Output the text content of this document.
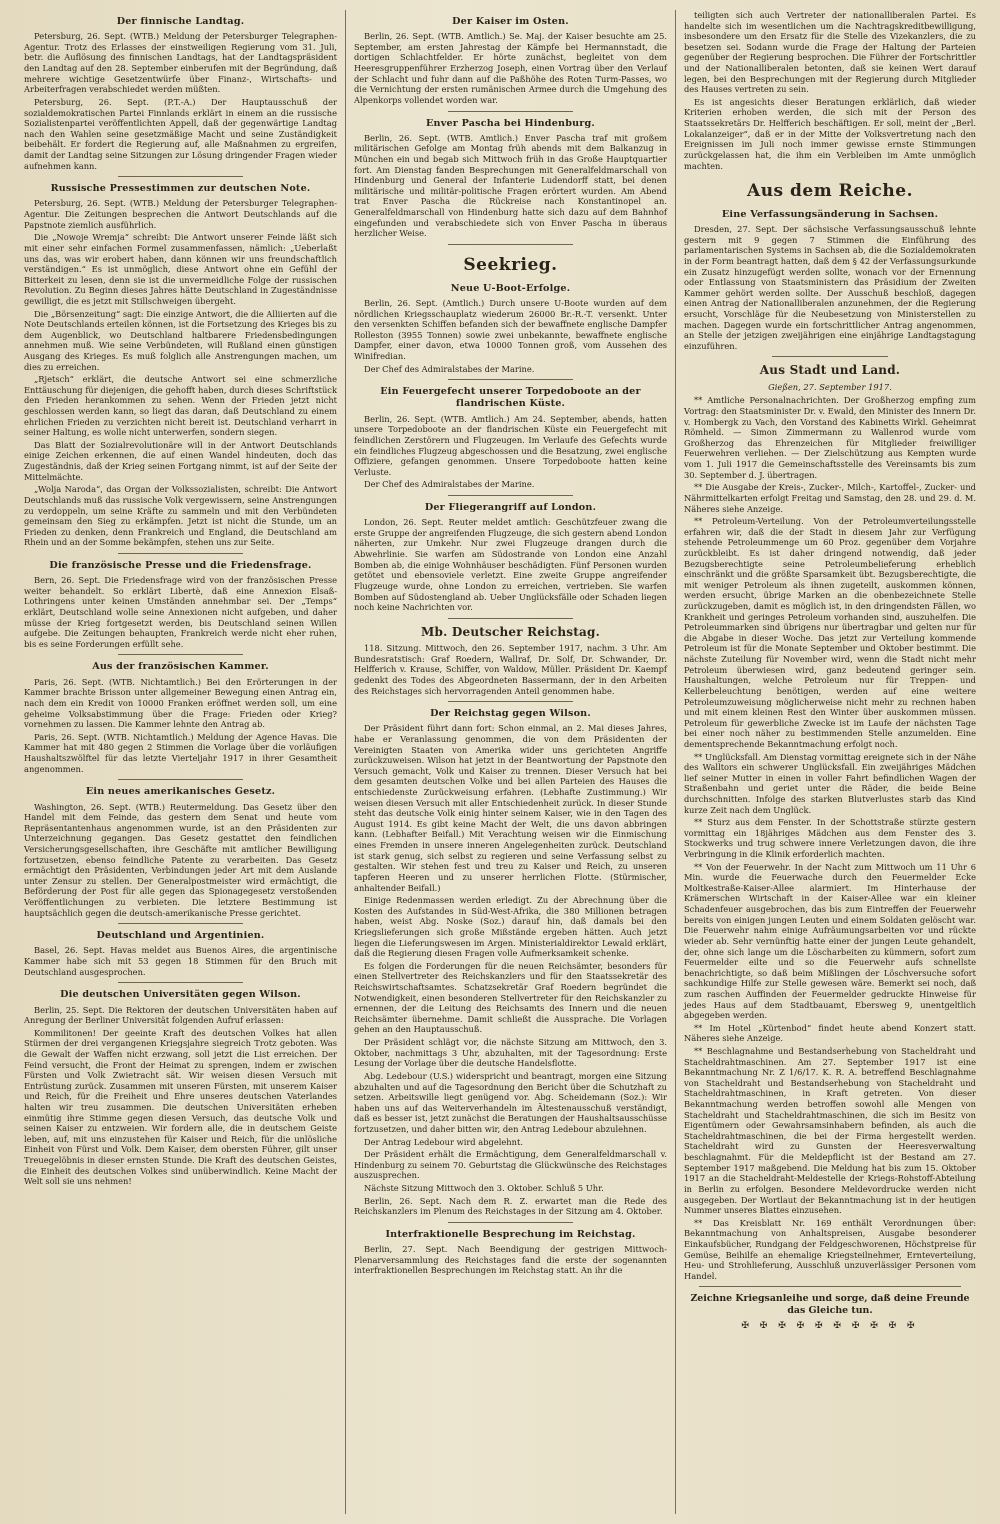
Der finnische Landtag.

Petersburg, 26. Sept. (WTB.) Meldung der Petersburger Telegraphen-Agentur. Trotz des Erlasses der einstweiligen Regierung vom 31. Juli, betr. die Auflösung des finnischen Landtags, hat der Landtagspräsident den Landtag auf den 28. September einberufen mit der Begründung, daß mehrere wichtige Gesetzentwürfe über Finanz-, Wirtschafts- und Arbeiterfragen verabschiedet werden müßten.

Petersburg, 26. Sept. (P.T.-A.) Der Hauptausschuß der sozialdemokratischen Partei Finnlands erklärt in einem an die russische Sozialistenpartei veröffentlichten Appell, daß der gegenwärtige Landtag nach den Wahlen seine gesetzmäßige Macht und seine Zuständigkeit beibehält. Er fordert die Regierung auf, alle Maßnahmen zu ergreifen, damit der Landtag seine Sitzungen zur Lösung dringender Fragen wieder aufnehmen kann.

Russische Pressestimmen zur deutschen Note.

Petersburg, 26. Sept. (WTB.) Meldung der Petersburger Telegraphen-Agentur. Die Zeitungen besprechen die Antwort Deutschlands auf die Papstnote ziemlich ausführlich.

Die „Nowoje Wremja“ schreibt: Die Antwort unserer Feinde läßt sich mit einer sehr einfachen Formel zusammenfassen, nämlich: „Ueberlaßt uns das, was wir erobert haben, dann können wir uns freundschaftlich verständigen.“ Es ist unmöglich, diese Antwort ohne ein Gefühl der Bitterkeit zu lesen, denn sie ist die unvermeidliche Folge der russischen Revolution. Zu Beginn dieses Jahres hätte Deutschland in Zugeständnisse gewilligt, die es jetzt mit Stillschweigen übergeht.

Die „Börsenzeitung“ sagt: Die einzige Antwort, die die Alliierten auf die Note Deutschlands erteilen können, ist die Fortsetzung des Krieges bis zu dem Augenblick, wo Deutschland haltbarere Friedensbedingungen annehmen muß. Wie seine Verbündeten, will Rußland einen günstigen Ausgang des Krieges. Es muß folglich alle Anstrengungen machen, um dies zu erreichen.

„Rjetsch“ erklärt, die deutsche Antwort sei eine schmerzliche Enttäuschung für diejenigen, die gehofft haben, durch dieses Schriftstück den Frieden herankommen zu sehen. Wenn der Frieden jetzt nicht geschlossen werden kann, so liegt das daran, daß Deutschland zu einem ehrlichen Frieden zu verzichten nicht bereit ist. Deutschland verharrt in seiner Haltung, es wolle nicht unterwerfen, sondern siegen.

Das Blatt der Sozialrevolutionäre will in der Antwort Deutschlands einige Zeichen erkennen, die auf einen Wandel hindeuten, doch das Zugeständnis, daß der Krieg seinen Fortgang nimmt, ist auf der Seite der Mittelmächte.

„Wolja Naroda“, das Organ der Volkssozialisten, schreibt: Die Antwort Deutschlands muß das russische Volk vergewissern, seine Anstrengungen zu verdoppeln, um seine Kräfte zu sammeln und mit den Verbündeten gemeinsam den Sieg zu erkämpfen. Jetzt ist nicht die Stunde, um an Frieden zu denken, denn Frankreich und England, die Deutschland am Rhein und an der Somme bekämpfen, stehen uns zur Seite.

Die französische Presse und die Friedensfrage.

Bern, 26. Sept. Die Friedensfrage wird von der französischen Presse weiter behandelt. So erklärt Libertè, daß eine Annexion Elsaß-Lothringens unter keinen Umständen annehmbar sei. Der „Temps“ erklärt, Deutschland wolle seine Annexionen nicht aufgeben, und daher müsse der Krieg fortgesetzt werden, bis Deutschland seinen Willen aufgebe. Die Zeitungen behaupten, Frankreich werde nicht eher ruhen, bis es seine Forderungen erfüllt sehe.

Aus der französischen Kammer.

Paris, 26. Sept. (WTB. Nichtamtlich.) Bei den Erörterungen in der Kammer brachte Brisson unter allgemeiner Bewegung einen Antrag ein, nach dem ein Kredit von 10000 Franken eröffnet werden soll, um eine geheime Volksabstimmung über die Frage: Frieden oder Krieg? vornehmen zu lassen. Die Kammer lehnte den Antrag ab.

Paris, 26. Sept. (WTB. Nichtamtlich.) Meldung der Agence Havas. Die Kammer hat mit 480 gegen 2 Stimmen die Vorlage über die vorläufigen Haushaltszwölftel für das letzte Vierteljahr 1917 in ihrer Gesamtheit angenommen.

Ein neues amerikanisches Gesetz.

Washington, 26. Sept. (WTB.) Reutermeldung. Das Gesetz über den Handel mit dem Feinde, das gestern dem Senat und heute vom Repräsentantenhaus angenommen wurde, ist an den Präsidenten zur Unterzeichnung gegangen. Das Gesetz gestattet den feindlichen Versicherungsgesellschaften, ihre Geschäfte mit amtlicher Bewilligung fortzusetzen, ebenso feindliche Patente zu verarbeiten. Das Gesetz ermächtigt den Präsidenten, Verbindungen jeder Art mit dem Auslande unter Zensur zu stellen. Der Generalpostmeister wird ermächtigt, die Beförderung der Post für alle gegen das Spionagegesetz verstoßenden Veröffentlichungen zu verbieten. Die letztere Bestimmung ist hauptsächlich gegen die deutsch-amerikanische Presse gerichtet.

Deutschland und Argentinien.

Basel, 26. Sept. Havas meldet aus Buenos Aires, die argentinische Kammer habe sich mit 53 gegen 18 Stimmen für den Bruch mit Deutschland ausgesprochen.

Die deutschen Universitäten gegen Wilson.

Berlin, 25. Sept. Die Rektoren der deutschen Universitäten haben auf Anregung der Berliner Universität folgenden Aufruf erlassen:

Kommilitonen! Der geeinte Kraft des deutschen Volkes hat allen Stürmen der drei vergangenen Kriegsjahre siegreich Trotz geboten. Was die Gewalt der Waffen nicht erzwang, soll jetzt die List erreichen. Der Feind versucht, die Front der Heimat zu sprengen, indem er zwischen Fürsten und Volk Zwietracht sät. Wir weisen diesen Versuch mit Entrüstung zurück. Zusammen mit unseren Fürsten, mit unserem Kaiser und Reich, für die Freiheit und Ehre unseres deutschen Vaterlandes halten wir treu zusammen. Die deutschen Universitäten erheben einmütig ihre Stimme gegen diesen Versuch, das deutsche Volk und seinen Kaiser zu entzweien. Wir fordern alle, die in deutschem Geiste leben, auf, mit uns einzustehen für Kaiser und Reich, für die unlösliche Einheit von Fürst und Volk. Dem Kaiser, dem obersten Führer, gilt unser Treuegelöbnis in dieser ernsten Stunde. Die Kraft des deutschen Geistes, die Einheit des deutschen Volkes sind unüberwindlich. Keine Macht der Welt soll sie uns nehmen!

Der Kaiser im Osten.

Berlin, 26. Sept. (WTB. Amtlich.) Se. Maj. der Kaiser besuchte am 25. September, am ersten Jahrestag der Kämpfe bei Hermannstadt, die dortigen Schlachtfelder. Er hörte zunächst, begleitet von dem Heeresgruppenführer Erzherzog Joseph, einen Vortrag über den Verlauf der Schlacht und fuhr dann auf die Paßhöhe des Roten Turm-Passes, wo die Vernichtung der ersten rumänischen Armee durch die Umgehung des Alpenkorps vollendet worden war.

Enver Pascha bei Hindenburg.

Berlin, 26. Sept. (WTB. Amtlich.) Enver Pascha traf mit großem militärischen Gefolge am Montag früh abends mit dem Balkanzug in München ein und begab sich Mittwoch früh in das Große Hauptquartier fort. Am Dienstag fanden Besprechungen mit Generalfeldmarschall von Hindenburg und General der Infanterie Ludendorff statt, bei denen militärische und militär-politische Fragen erörtert wurden. Am Abend trat Enver Pascha die Rückreise nach Konstantinopel an. Generalfeldmarschall von Hindenburg hatte sich dazu auf dem Bahnhof eingefunden und verabschiedete sich von Enver Pascha in überaus herzlicher Weise.

Seekrieg.
Neue U-Boot-Erfolge.

Berlin, 26. Sept. (Amtlich.) Durch unsere U-Boote wurden auf dem nördlichen Kriegsschauplatz wiederum 26000 Br.-R.-T. versenkt. Unter den versenkten Schiffen befanden sich der bewaffnete englische Dampfer Rolleston (3955 Tonnen) sowie zwei unbekannte, bewaffnete englische Dampfer, einer davon, etwa 10000 Tonnen groß, vom Aussehen des Winifredian.

Der Chef des Admiralstabes der Marine.

Ein Feuergefecht unserer Torpedoboote an der flandrischen Küste.

Berlin, 26. Sept. (WTB. Amtlich.) Am 24. September, abends, hatten unsere Torpedoboote an der flandrischen Küste ein Feuergefecht mit feindlichen Zerstörern und Flugzeugen. Im Verlaufe des Gefechts wurde ein feindliches Flugzeug abgeschossen und die Besatzung, zwei englische Offiziere, gefangen genommen. Unsere Torpedoboote hatten keine Verluste.

Der Chef des Admiralstabes der Marine.

Der Fliegerangriff auf London.

London, 26. Sept. Reuter meldet amtlich: Geschützfeuer zwang die erste Gruppe der angreifenden Flugzeuge, die sich gestern abend London näherten, zur Umkehr. Nur zwei Flugzeuge drangen durch die Abwehrlinie. Sie warfen am Südostrande von London eine Anzahl Bomben ab, die einige Wohnhäuser beschädigten. Fünf Personen wurden getötet und ebensoviele verletzt. Eine zweite Gruppe angreifender Flugzeuge wurde, ohne London zu erreichen, vertrieben. Sie warfen Bomben auf Südostengland ab. Ueber Unglücksfälle oder Schaden liegen noch keine Nachrichten vor.

Mb. Deutscher Reichstag.

118. Sitzung. Mittwoch, den 26. September 1917, nachm. 3 Uhr. Am Bundesratstisch: Graf Roedern, Wallraf, Dr. Solf, Dr. Schwander, Dr. Helfferich v. Krause, Schiffer, von Waldow, Müller. Präsident Dr. Kaempf gedenkt des Todes des Abgeordneten Bassermann, der in den Arbeiten des Reichstages sich hervorragenden Anteil genommen habe.

Der Reichstag gegen Wilson.

Der Präsident führt dann fort: Schon einmal, an 2. Mai dieses Jahres, habe er Veranlassung genommen, die von dem Präsidenten der Vereinigten Staaten von Amerika wider uns gerichteten Angriffe zurückzuweisen. Wilson hat jetzt in der Beantwortung der Papstnote den Versuch gemacht, Volk und Kaiser zu trennen. Dieser Versuch hat bei dem gesamten deutschen Volke und bei allen Parteien des Hauses die entschiedenste Zurückweisung erfahren. (Lebhafte Zustimmung.) Wir weisen diesen Versuch mit aller Entschiedenheit zurück. In dieser Stunde steht das deutsche Volk einig hinter seinem Kaiser, wie in den Tagen des August 1914. Es gibt keine Macht der Welt, die uns davon abbringen kann. (Lebhafter Beifall.) Mit Verachtung weisen wir die Einmischung eines Fremden in unsere inneren Angelegenheiten zurück. Deutschland ist stark genug, sich selbst zu regieren und seine Verfassung selbst zu gestalten. Wir stehen fest und treu zu Kaiser und Reich, zu unseren tapferen Heeren und zu unserer herrlichen Flotte. (Stürmischer, anhaltender Beifall.)

Einige Redenmassen werden erledigt. Zu der Abrechnung über die Kosten des Aufstandes in Süd-West-Afrika, die 380 Millionen betragen haben, weist Abg. Noske (Soz.) darauf hin, daß damals bei den Kriegslieferungen sich große Mißstände ergeben hätten. Auch jetzt liegen die Lieferungswesen im Argen. Ministerialdirektor Lewald erklärt, daß die Regierung diesen Fragen volle Aufmerksamkeit schenke.

Es folgen die Forderungen für die neuen Reichsämter, besonders für einen Stellvertreter des Reichskanzlers und für den Staatssekretär des Reichswirtschaftsamtes. Schatzsekretär Graf Roedern begründet die Notwendigkeit, einen besonderen Stellvertreter für den Reichskanzler zu ernennen, der die Leitung des Reichsamts des Innern und die neuen Reichsämter übernehme. Damit schließt die Aussprache. Die Vorlagen gehen an den Hauptausschuß.

Der Präsident schlägt vor, die nächste Sitzung am Mittwoch, den 3. Oktober, nachmittags 3 Uhr, abzuhalten, mit der Tagesordnung: Erste Lesung der Vorlage über die deutsche Handelsflotte.

Abg. Ledebour (U.S.) widerspricht und beantragt, morgen eine Sitzung abzuhalten und auf die Tagesordnung den Bericht über die Schutzhaft zu setzen. Arbeitswille liegt genügend vor. Abg. Scheidemann (Soz.): Wir haben uns auf das Weiterverhandeln im Ältestenausschuß verständigt, daß es besser ist, jetzt zunächst die Beratungen der Haushaltsausschüsse fortzusetzen, und daher bitten wir, den Antrag Ledebour abzulehnen.

Der Antrag Ledebour wird abgelehnt.

Der Präsident erhält die Ermächtigung, dem Generalfeldmarschall v. Hindenburg zu seinem 70. Geburtstag die Glückwünsche des Reichstages auszusprechen.

Nächste Sitzung Mittwoch den 3. Oktober. Schluß 5 Uhr.

Berlin, 26. Sept. Nach dem R. Z. erwartet man die Rede des Reichskanzlers im Plenum des Reichstages in der Sitzung am 4. Oktober.

Interfraktionelle Besprechung im Reichstag.

Berlin, 27. Sept. Nach Beendigung der gestrigen Mittwoch-Plenarversammlung des Reichstages fand die erste der sogenannten interfraktionellen Besprechungen im Reichstag statt. An ihr die

teiligten sich auch Vertreter der nationalliberalen Partei. Es handelte sich im wesentlichen um die Nachtragskreditbewilligung, insbesondere um den Ersatz für die Stelle des Vizekanzlers, die zu besetzen sei. Sodann wurde die Frage der Haltung der Parteien gegenüber der Regierung besprochen. Die Führer der Fortschrittler und der Nationalliberalen betonten, daß sie keinen Wert darauf legen, bei den Besprechungen mit der Regierung durch Mitglieder des Hauses vertreten zu sein.

Es ist angesichts dieser Beratungen erklärlich, daß wieder Kriterien erhoben werden, die sich mit der Person des Staatssekretärs Dr. Helfferich beschäftigen. Er soll, meint der „Berl. Lokalanzeiger“, daß er in der Mitte der Volksvertretung nach den Ereignissen im Juli noch immer gewisse ernste Stimmungen zurückgelassen hat, die ihm ein Verbleiben im Amte unmöglich machten.

Aus dem Reiche.
Eine Verfassungsänderung in Sachsen.

Dresden, 27. Sept. Der sächsische Verfassungsausschuß lehnte gestern mit 9 gegen 7 Stimmen die Einführung des parlamentarischen Systems in Sachsen ab, die die Sozialdemokraten in der Form beantragt hatten, daß dem § 42 der Verfassungsurkunde ein Zusatz hinzugefügt werden sollte, wonach vor der Ernennung oder Entlassung von Staatsministern das Präsidium der Zweiten Kammer gehört werden sollte. Der Ausschuß beschloß, dagegen einen Antrag der Nationalliberalen anzunehmen, der die Regierung ersucht, Vorschläge für die Neubesetzung von Ministerstellen zu machen. Dagegen wurde ein fortschrittlicher Antrag angenommen, an Stelle der jetzigen zweijährigen eine einjährige Landtagstagung einzuführen.

Aus Stadt und Land.
Gießen, 27. September 1917.

** Amtliche Personalnachrichten. Der Großherzog empfing zum Vortrag: den Staatsminister Dr. v. Ewald, den Minister des Innern Dr. v. Hombergk zu Vach, den Vorstand des Kabinetts Wirkl. Geheimrat Römheld. — Simon Zimmermann zu Wallenrod wurde vom Großherzog das Ehrenzeichen für Mitglieder freiwilliger Feuerwehren verliehen. — Der Zielschützung aus Kempten wurde vom 1. Juli 1917 die Gemeinschaftsstelle des Vereinsamts bis zum 30. September d. J. übertragen.

** Die Ausgabe der Kreis-, Zucker-, Milch-, Kartoffel-, Zucker- und Nährmittelkarten erfolgt Freitag und Samstag, den 28. und 29. d. M. Näheres siehe Anzeige.

** Petroleum-Verteilung. Von der Petroleumverteilungsstelle erfahren wir, daß die der Stadt in diesem Jahr zur Verfügung stehende Petroleummenge um 60 Proz. gegenüber dem Vorjahre zurückbleibt. Es ist daher dringend notwendig, daß jeder Bezugsberechtigte seine Petroleumbelieferung erheblich einschränkt und die größte Sparsamkeit übt. Bezugsberechtigte, die mit weniger Petroleum als ihnen zugeteilt, auskommen können, werden ersucht, übrige Marken an die obenbezeichnete Stelle zurückzugeben, damit es möglich ist, in den dringendsten Fällen, wo Krankheit und geringes Petroleum vorhanden sind, auszuhelfen. Die Petroleummarken sind übrigens nur übertragbar und gelten nur für die Abgabe in dieser Woche. Das jetzt zur Verteilung kommende Petroleum ist für die Monate September und Oktober bestimmt. Die nächste Zuteilung für November wird, wenn die Stadt nicht mehr Petroleum überwiesen wird, ganz bedeutend geringer sein. Haushaltungen, welche Petroleum nur für Treppen- und Kellerbeleuchtung benötigen, werden auf eine weitere Petroleumzuweisung möglicherweise nicht mehr zu rechnen haben und mit einem kleinen Rest den Winter über auskommen müssen. Petroleum für gewerbliche Zwecke ist im Laufe der nächsten Tage bei einer noch näher zu bestimmenden Stelle anzumelden. Eine dementsprechende Bekanntmachung erfolgt noch.

** Unglücksfall. Am Dienstag vormittag ereignete sich in der Nähe des Walltors ein schwerer Unglücksfall. Ein zweijähriges Mädchen lief seiner Mutter in einen in voller Fahrt befindlichen Wagen der Straßenbahn und geriet unter die Räder, die beide Beine durchschnitten. Infolge des starken Blutverlustes starb das Kind kurze Zeit nach dem Unglück.

** Sturz aus dem Fenster. In der Schottstraße stürzte gestern vormittag ein 18jähriges Mädchen aus dem Fenster des 3. Stockwerks und trug schwere innere Verletzungen davon, die ihre Verbringung in die Klinik erforderlich machten.

** Von der Feuerwehr. In der Nacht zum Mittwoch um 11 Uhr 6 Min. wurde die Feuerwache durch den Feuermelder Ecke Moltkestraße-Kaiser-Allee alarmiert. Im Hinterhause der Krämerschen Wirtschaft in der Kaiser-Allee war ein kleiner Schadenfeuer ausgebrochen, das bis zum Eintreffen der Feuerwehr bereits von einigen jungen Leuten und einem Soldaten gelöscht war. Die Feuerwehr nahm einige Aufräumungsarbeiten vor und rückte wieder ab. Sehr vernünftig hatte einer der jungen Leute gehandelt, der, ohne sich lange um die Löscharbeiten zu kümmern, sofort zum Feuermelder eilte und so die Feuerwehr aufs schnellste benachrichtigte, so daß beim Mißlingen der Löschversuche sofort sachkundige Hilfe zur Stelle gewesen wäre. Bemerkt sei noch, daß zum raschen Auffinden der Feuermelder gedruckte Hinweise für jedes Haus auf dem Stadtbauamt, Ebersweg 9, unentgeltlich abgegeben werden.

** Im Hotel „Kürtenbod“ findet heute abend Konzert statt. Näheres siehe Anzeige.

** Beschlagnahme und Bestandserhebung von Stacheldraht und Stacheldrahtmaschinen. Am 27. September 1917 ist eine Bekanntmachung Nr. Z 1/6/17. K. R. A. betreffend Beschlagnahme von Stacheldraht und Bestandserhebung von Stacheldraht und Stacheldrahtmaschinen, in Kraft getreten. Von dieser Bekanntmachung werden betroffen sowohl alle Mengen von Stacheldraht und Stacheldrahtmaschinen, die sich im Besitz von Eigentümern oder Gewahrsamsinhabern befinden, als auch die Stacheldrahtmaschinen, die bei der Firma hergestellt werden. Stacheldraht wird zu Gunsten der Heeresverwaltung beschlagnahmt. Für die Meldepflicht ist der Bestand am 27. September 1917 maßgebend. Die Meldung hat bis zum 15. Oktober 1917 an die Stacheldraht-Meldestelle der Kriegs-Rohstoff-Abteilung in Berlin zu erfolgen. Besondere Meldevordrucke werden nicht ausgegeben. Der Wortlaut der Bekanntmachung ist in der heutigen Nummer unseres Blattes einzusehen.

** Das Kreisblatt Nr. 169 enthält Verordnungen über: Bekanntmachung von Anhaltspreisen, Ausgabe besonderer Einkaufsbücher, Rundgang der Feldgeschworenen, Höchstpreise für Gemüse, Beihilfe an ehemalige Kriegsteilnehmer, Ernteverteilung, Heu- und Strohlieferung, Ausschluß unzuverlässiger Personen vom Handel.

Zeichne Kriegsanleihe und sorge, daß deine Freunde
das Gleiche tun.
✠ ✠ ✠ ✠ ✠ ✠ ✠ ✠ ✠ ✠
